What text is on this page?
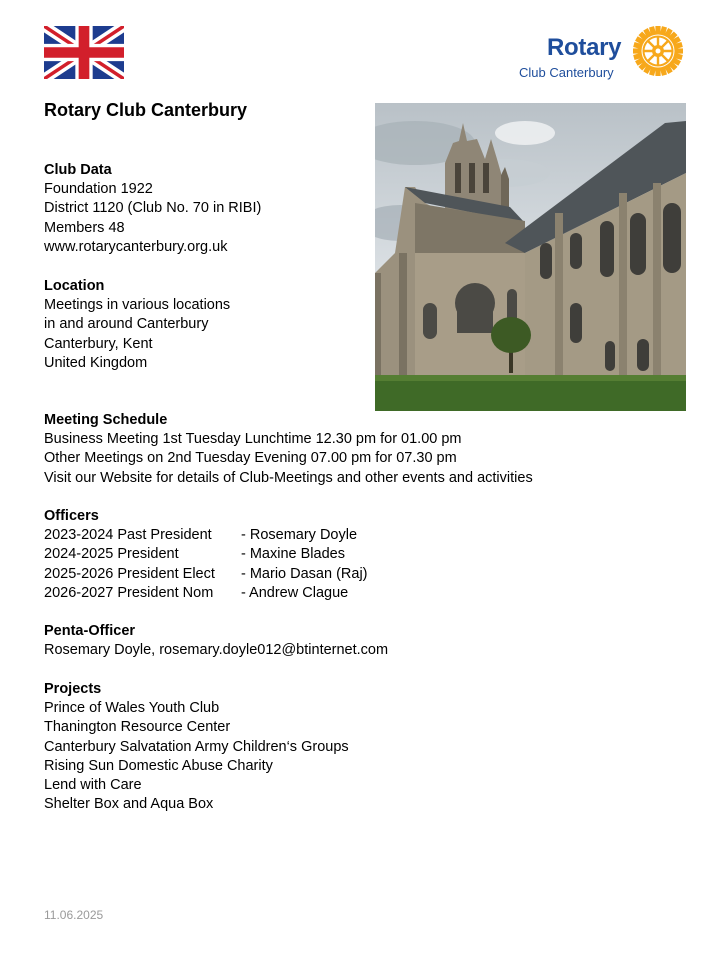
Rotary
Club Canterbury
Rotary Club Canterbury
Club Data
Foundation 1922
District 1120 (Club No. 70 in RIBI)
Members 48
www.rotarycanterbury.org.uk
Location
Meetings in various locations
in and around Canterbury
Canterbury, Kent
United Kingdom
Meeting Schedule
Business Meeting 1st Tuesday Lunchtime 12.30 pm for 01.00 pm
Other Meetings on 2nd Tuesday Evening 07.00 pm for 07.30 pm
Visit our Website for details of Club-Meetings and other events and activities
Officers
2023-2024 Past President	- Rosemary Doyle
2024-2025 President	- Maxine Blades
2025-2026 President Elect	- Mario Dasan (Raj)
2026-2027 President Nom	- Andrew Clague
Penta-Officer
Rosemary Doyle, rosemary.doyle012@btinternet.com
Projects
Prince of Wales Youth Club
Thanington Resource Center
Canterbury Salvatation Army Children‘s Groups
Rising Sun Domestic Abuse Charity
Lend with Care
Shelter Box and Aqua Box
11.06.2025
